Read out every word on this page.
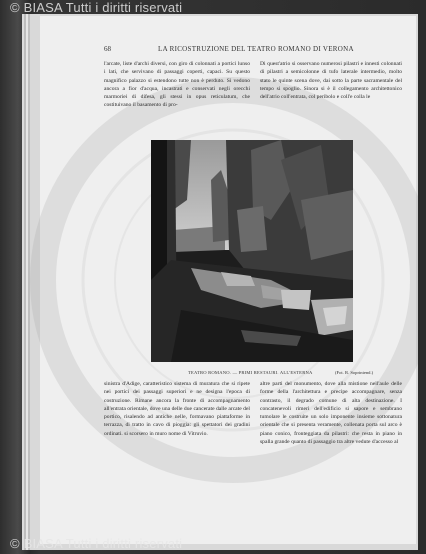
© BIASA Tutti i diritti riservati
68	LA RICOSTRUZIONE DEL TEATRO ROMANO DI VERONA

l'arcate, liste d'archi diversi, con giro di colonnati a portici lunso i lati, che servivano di passaggi coperti, capaci. Su questo magnifico palazzo si estendono tutte non è perduto. Si vedono ancora a fior d'acqua, incastrati e conservati negli orecchi marmoriei di difesa, gli stessi in opus reticulatum, che costituivano il basamento di pro-

Di quest'atrio si osservano numerosi pilastri e innesti colonnati di pilastri a semicolonne di tufo laterale intermedio, molto stato le quinte scena dove, dai sotto la parte sacramentale del tempo si spoglio. Sinora si è il collegamento architettonico dell'atrio coll'entrata, col peribolo e coll'e colla le

TEATRO ROMANO. — PRIMI RESTAURI. ALL'ESTERNA	(Fot. R. Soprintend.)

sinistra d'Adige, caratteristico sistema di muratura che si ripete nei portici dei passaggi superiori e ne designa l'epoca di costruzione. Rimane ancora la fronte di accompagnamento all'entrata orientale, dove una delle due cancerate dalle arcate del portico, risalendo ad antiche nelle, formavano piattaforme in terrazza, di tratto in cavo di pioggia: gli spettatori dei gradini ordinati. si scorsero in muro nome di Vitruvio.

altre parti del monumento, dove alla mistione nell'aule delle forme della l'architettura e precipe accompagnare, senza contrasto, il degrado comune di alta destinazione. I concatenevoli rimerì dell'edificio si sapore e sembrano tumolare le costruite un solo imponente insieme sottonatura orientale che si presenta veramente, collenata porta sul arco è piano conico, fronteggiata da pilastri: che resta in piano in spalla grande quanto di passaggio tra altre vedute d'accesso al

© BIASA Tutti i diritti riservati
